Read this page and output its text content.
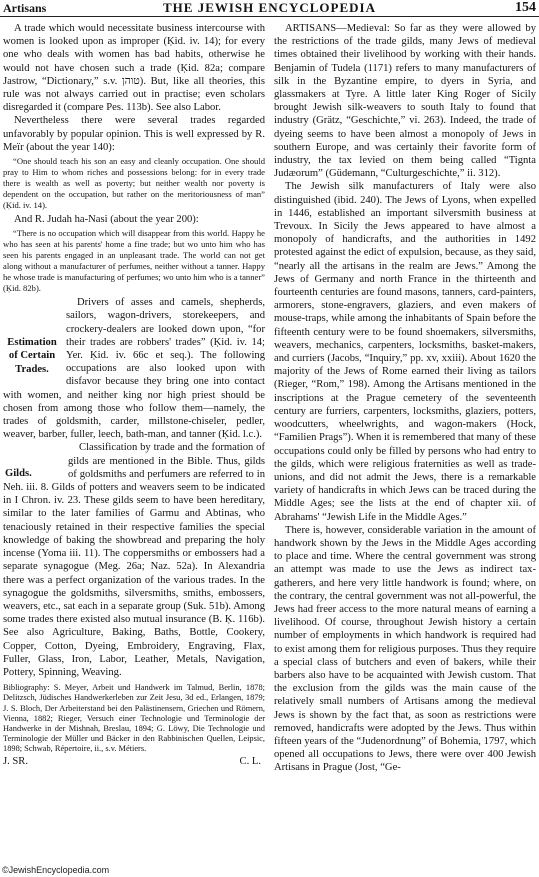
Artisans	THE JEWISH ENCYCLOPEDIA	154

A trade which would necessitate business intercourse with women is looked upon as improper (Ḳid. iv. 14); for every one who deals with women has bad habits, otherwise he would not have chosen such a trade (Ḳid. 82a; compare Jastrow, “Dictionary,” s.v. טוהן). But, like all theories, this rule was not always carried out in practise; even scholars disregarded it (compare Pes. 113b). See also Labor.

Nevertheless there were several trades regarded unfavorably by popular opinion. This is well expressed by R. Meïr (about the year 140):

“One should teach his son an easy and cleanly occupation. One should pray to Him to whom riches and possessions belong: for in every trade there is wealth as well as poverty; but neither wealth nor poverty is dependent on the occupation, but rather on the meritoriousness of man” (Ḳid. iv. 14).

And R. Judah ha-Nasi (about the year 200):

“There is no occupation which will disappear from this world. Happy he who has seen at his parents' home a fine trade; but wo unto him who has seen his parents engaged in an unpleasant trade. The world can not get along without a manufacturer of perfumes, neither without a tanner. Happy he whose trade is manufacturing of perfumes; wo unto him who is a tanner” (Ḳid. 82b).

Estimation of Certain Trades.

Drivers of asses and camels, shepherds, sailors, wagon-drivers, storekeepers, and crockery-dealers are looked down upon, “for their trades are robbers' trades” (Ḳid. iv. 14; Yer. Ḳid. iv. 66c et seq.). The following occupations are also looked upon with disfavor because they bring one into contact with women, and neither king nor high priest should be chosen from among those who follow them—namely, the trades of goldsmith, carder, millstone-chiseler, pedler, weaver, barber, fuller, leech, bath-man, and tanner (Ḳid. l.c.).

Gilds.

Classification by trade and the formation of gilds are mentioned in the Bible. Thus, gilds of goldsmiths and perfumers are referred to in Neh. iii. 8. Gilds of potters and weavers seem to be indicated in I Chron. iv. 23. These gilds seem to have been hereditary, similar to the later families of Garmu and Abtinas, who tenaciously retained in their respective families the special knowledge of baking the showbread and preparing the holy incense (Yoma iii. 11). The coppersmiths or embossers had a separate synagogue (Meg. 26a; Naz. 52a). In Alexandria there was a perfect organization of the various trades. In the synagogue the goldsmiths, silversmiths, smiths, embossers, weavers, etc., sat each in a separate group (Suk. 51b). Among some trades there existed also mutual insurance (B. Ḳ. 116b). See also Agriculture, Baking, Baths, Bottle, Cookery, Copper, Cotton, Dyeing, Embroidery, Engraving, Flax, Fuller, Glass, Iron, Labor, Leather, Metals, Navigation, Pottery, Spinning, Weaving.

Bibliography: S. Meyer, Arbeit und Handwerk im Talmud, Berlin, 1878; Delitzsch, Jüdisches Handwerkerleben zur Zeit Jesu, 3d ed., Erlangen, 1879; J. S. Bloch, Der Arbeiterstand bei den Palästinensern, Griechen und Römern, Vienna, 1882; Rieger, Versuch einer Technologie und Terminologie der Handwerke in der Mishnah, Breslau, 1894; G. Löwy, Die Technologie und Terminologie der Müller und Bäcker in den Rabbinischen Quellen, Leipsic, 1898; Schwab, Répertoire, ii., s.v. Métiers.

J. SR.	C. L.

ARTISANS—Medieval: So far as they were allowed by the restrictions of the trade gilds, many Jews of medieval times obtained their livelihood by working with their hands. Benjamin of Tudela (1171) refers to many manufacturers of silk in the Byzantine empire, to dyers in Syria, and glassmakers at Tyre. A little later King Roger of Sicily brought Jewish silk-weavers to south Italy to found that industry (Grätz, “Geschichte,” vi. 263). Indeed, the trade of dyeing seems to have been almost a monopoly of Jews in southern Europe, and was certainly their favorite form of industry, the tax levied on them being called “Tignta Judæorum” (Güdemann, “Culturgeschichte,” ii. 312).

The Jewish silk manufacturers of Italy were also distinguished (ibid. 240). The Jews of Lyons, when expelled in 1446, established an important silversmith business at Trevoux. In Sicily the Jews appeared to have almost a monopoly of handicrafts, and the authorities in 1492 protested against the edict of expulsion, because, as they said, “nearly all the artisans in the realm are Jews.” Among the Jews of Germany and north France in the thirteenth and fourteenth centuries are found masons, tanners, card-painters, armorers, stone-engravers, glaziers, and even makers of mouse-traps, while among the inhabitants of Spain before the fifteenth century were to be found shoemakers, silversmiths, weavers, mechanics, carpenters, locksmiths, basket-makers, and curriers (Jacobs, “Inquiry,” pp. xv, xxiii). About 1620 the majority of the Jews of Rome earned their living as tailors (Rieger, “Rom,” 198). Among the Artisans mentioned in the inscriptions at the Prague cemetery of the seventeenth century are furriers, carpenters, locksmiths, glaziers, potters, woodcutters, wheelwrights, and wagon-makers (Hock, “Familien Prags”). When it is remembered that many of these occupations could only be filled by persons who had entry to the gilds, which were religious fraternities as well as trade-unions, and did not admit the Jews, there is a remarkable variety of handicrafts in which Jews can be traced during the Middle Ages; see the lists at the end of chapter xii. of Abrahams' “Jewish Life in the Middle Ages.”

There is, however, considerable variation in the amount of handwork shown by the Jews in the Middle Ages according to place and time. Where the central government was strong an attempt was made to use the Jews as indirect tax-gatherers, and here very little handwork is found; where, on the contrary, the central government was not all-powerful, the Jews had freer access to the more natural means of earning a livelihood. Of course, throughout Jewish history a certain number of employments in which handwork is required had to exist among them for religious purposes. Thus they require a special class of butchers and even of bakers, while their barbers also have to be acquainted with Jewish custom. That the exclusion from the gilds was the main cause of the relatively small numbers of Artisans among the medieval Jews is shown by the fact that, as soon as restrictions were removed, handicrafts were adopted by the Jews. Thus within fifteen years of the “Judenordnung” of Bohemia, 1797, which opened all occupations to Jews, there were over 400 Jewish Artisans in Prague (Jost, “Ge-

©JewishEncyclopedia.com
